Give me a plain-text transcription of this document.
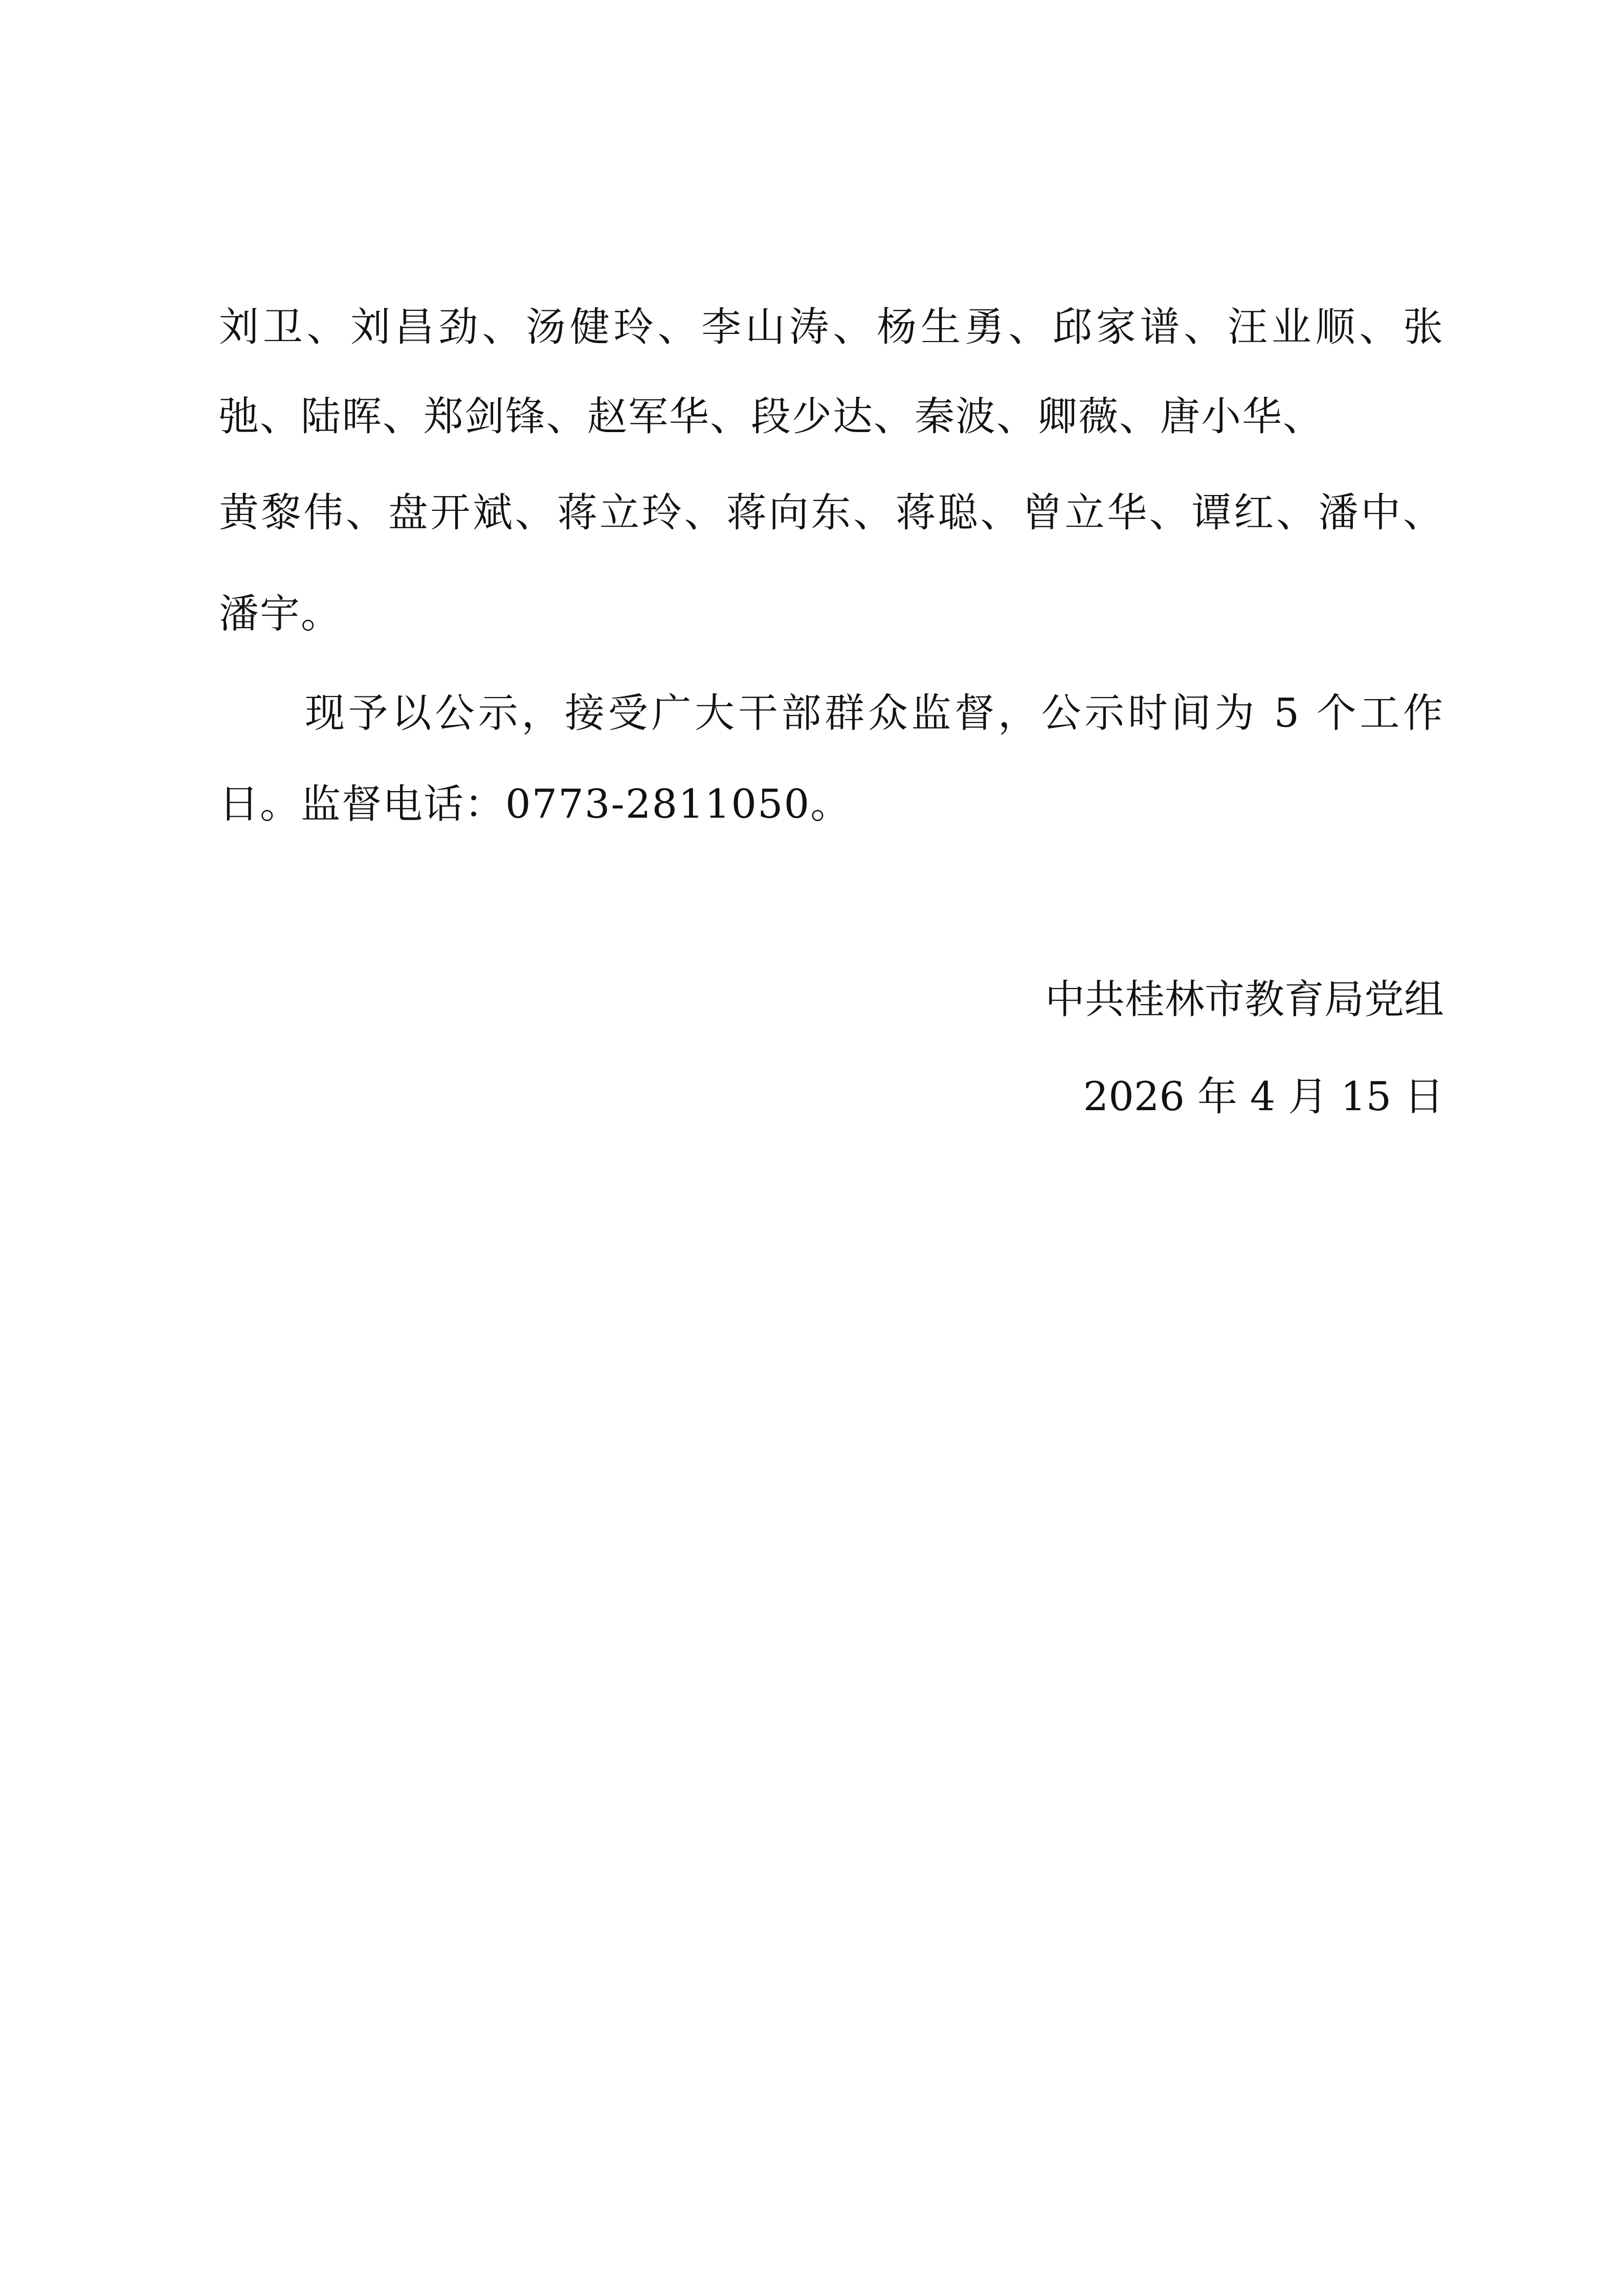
刘卫、刘昌劲、汤健玲、李山涛、杨生勇、邱家谱、汪业顺、张
弛、陆晖、郑剑锋、赵军华、段少达、秦波、卿薇、唐小华、
黄黎伟、盘开斌、蒋立玲、蒋向东、蒋聪、曾立华、谭红、潘中、
潘宇。
现予以公示，接受广大干部群众监督，公示时间为 5 个工作
日。监督电话：0773-2811050。
中共桂林市教育局党组
2026 年 4 月 15 日
